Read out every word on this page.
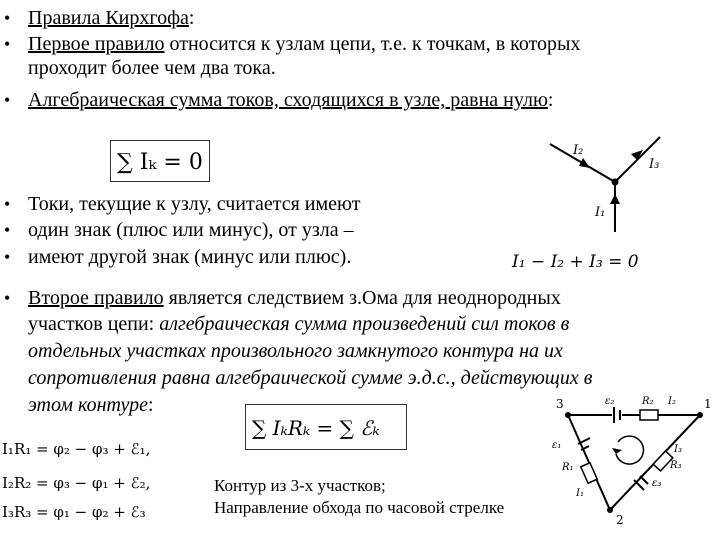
• Правила Кирхгофа:
• Первое правило относится к узлам цепи, т.е. к точкам, в которых
проходит более чем два тока.
• Алгебраическая сумма токов, сходящихся в узле, равна нулю:
∑ Iₖ = 0	I₂
I₃
I₁
• Токи, текущие к узлу, считается имеют
• один знак (плюс или минус), от узла –
• имеют другой знак (минус или плюс).	I₁ − I₂ + I₃ = 0
• Второе правило является следствием з.Ома для неоднородных
участков цепи: алгебраическая сумма произведений сил токов в
отдельных участках произвольного замкнутого контура на их
сопротивления равна алгебраической сумме э.д.с., действующих в
этом контуре:
∑ IₖRₖ = ∑ ℰₖ
I₁R₁ = φ₂ − φ₃ + ℰ₁,
I₂R₂ = φ₃ − φ₁ + ℰ₂,
I₃R₃ = φ₁ − φ₂ + ℰ₃
Контур из 3-х участков;
Направление обхода по часовой стрелке
3	1
2
ε₂	R₂ I₂
ε₁
R₁
I₁
I₃
R₃
ε₃
